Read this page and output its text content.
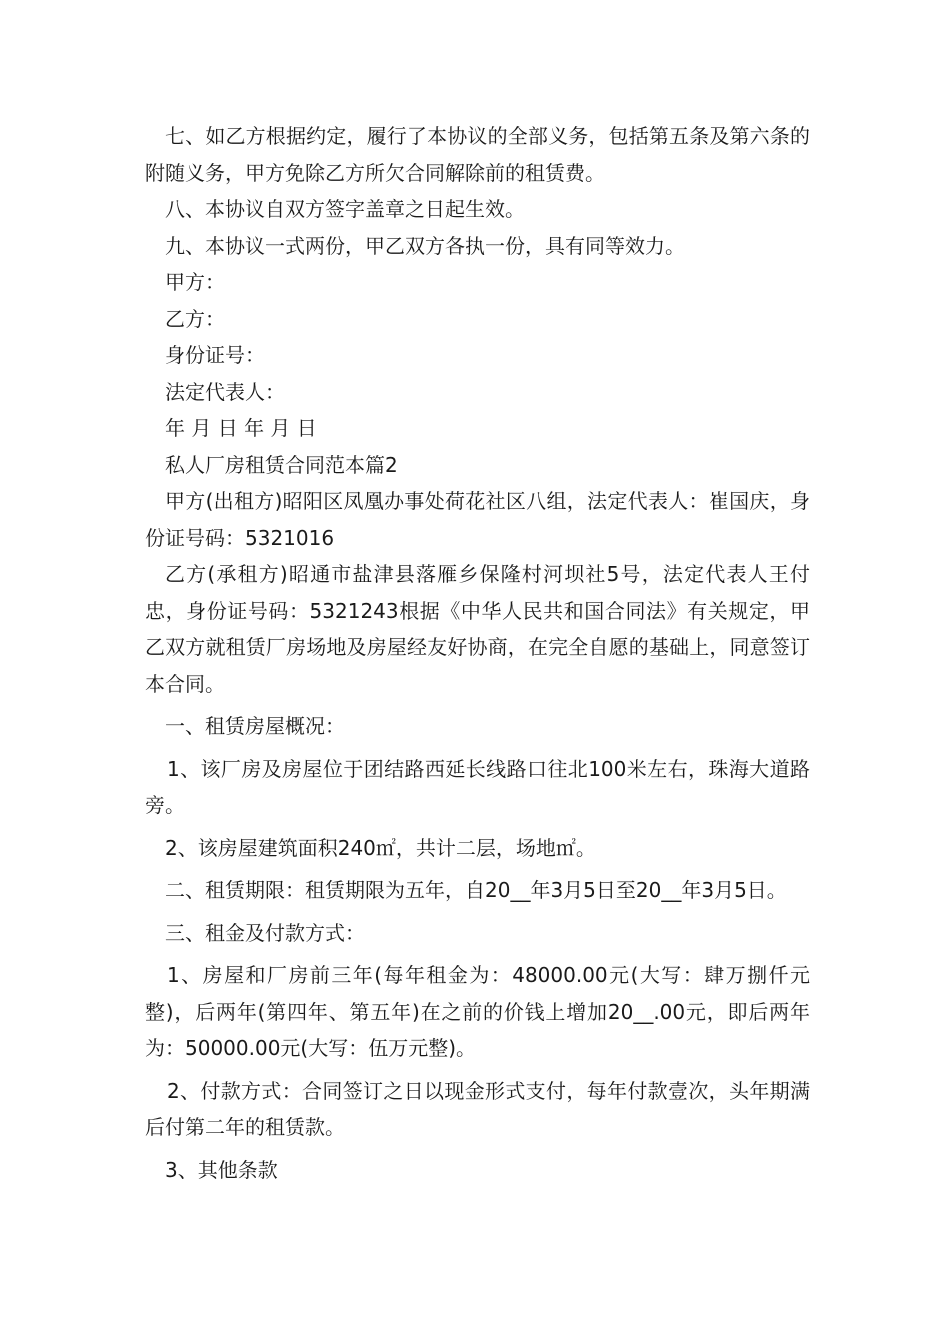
七、如乙方根据约定，履行了本协议的全部义务，包括第五条及第六条的附随义务，甲方免除乙方所欠合同解除前的租赁费。

八、本协议自双方签字盖章之日起生效。

九、本协议一式两份，甲乙双方各执一份，具有同等效力。

甲方：

乙方：

身份证号：

法定代表人：

年 月 日 年 月 日

私人厂房租赁合同范本篇2

甲方(出租方)昭阳区凤凰办事处荷花社区八组，法定代表人：崔国庆，身份证号码：5321016

乙方(承租方)昭通市盐津县落雁乡保隆村河坝社5号，法定代表人王付忠，身份证号码：5321243根据《中华人民共和国合同法》有关规定，甲乙双方就租赁厂房场地及房屋经友好协商，在完全自愿的基础上，同意签订本合同。

一、租赁房屋概况：

1、该厂房及房屋位于团结路西延长线路口往北100米左右，珠海大道路旁。

2、该房屋建筑面积240㎡，共计二层，场地㎡。

二、租赁期限：租赁期限为五年，自20__年3月5日至20__年3月5日。

三、租金及付款方式：

1、房屋和厂房前三年(每年租金为：48000.00元(大写：肆万捌仟元整)，后两年(第四年、第五年)在之前的价钱上增加20__.00元，即后两年为：50000.00元(大写：伍万元整)。

2、付款方式：合同签订之日以现金形式支付，每年付款壹次，头年期满后付第二年的租赁款。

3、其他条款
